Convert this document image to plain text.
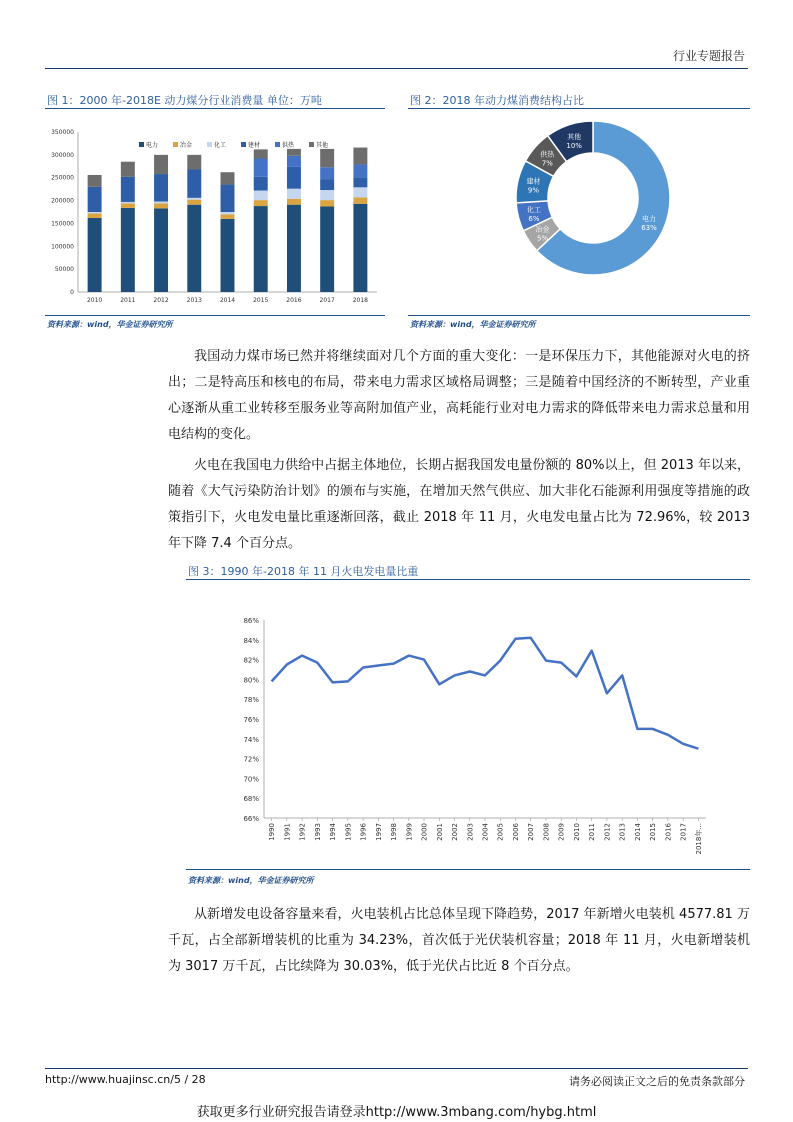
行业专题报告
图 1：2000 年-2018E 动力煤分行业消费量 单位：万吨
0
50000
100000
150000
200000
250000
300000
350000
2010	2011	2012	2013	2014	2015	2016	2017	2018
电力	冶金	化工	建材	供热	其他
资料来源：wind，华金证券研究所
图 2：2018 年动力煤消费结构占比
电力
63%
冶金
5%
化工
6%
建材
9%
供热
7%
其他
10%
资料来源：wind，华金证券研究所

我国动力煤市场已然并将继续面对几个方面的重大变化：一是环保压力下，其他能源对火电的挤出；二是特高压和核电的布局，带来电力需求区域格局调整；三是随着中国经济的不断转型，产业重心逐渐从重工业转移至服务业等高附加值产业，高耗能行业对电力需求的降低带来电力需求总量和用电结构的变化。

火电在我国电力供给中占据主体地位，长期占据我国发电量份额的 80%以上，但 2013 年以来，随着《大气污染防治计划》的颁布与实施，在增加天然气供应、加大非化石能源利用强度等措施的政策指引下，火电发电量比重逐渐回落，截止 2018 年 11 月，火电发电量占比为 72.96%，较 2013 年下降 7.4 个百分点。

图 3：1990 年-2018 年 11 月火电发电量比重
66%
68%
70%
72%
74%
76%
78%
80%
82%
84%
86%
1990 1991 1992 1993 1994 1995 1996 1997 1998 1999 2000 2001 2002 2003 2004 2005 2006 2007 2008 2009 2010 2011 2012 2013 2014 2015 2016 2017 2018年...
资料来源：wind，华金证券研究所

从新增发电设备容量来看，火电装机占比总体呈现下降趋势，2017 年新增火电装机 4577.81 万千瓦，占全部新增装机的比重为 34.23%，首次低于光伏装机容量；2018 年 11 月，火电新增装机为 3017 万千瓦，占比续降为 30.03%，低于光伏占比近 8 个百分点。

http://www.huajinsc.cn/5 / 28	请务必阅读正文之后的免责条款部分
获取更多行业研究报告请登录http://www.3mbang.com/hybg.html
